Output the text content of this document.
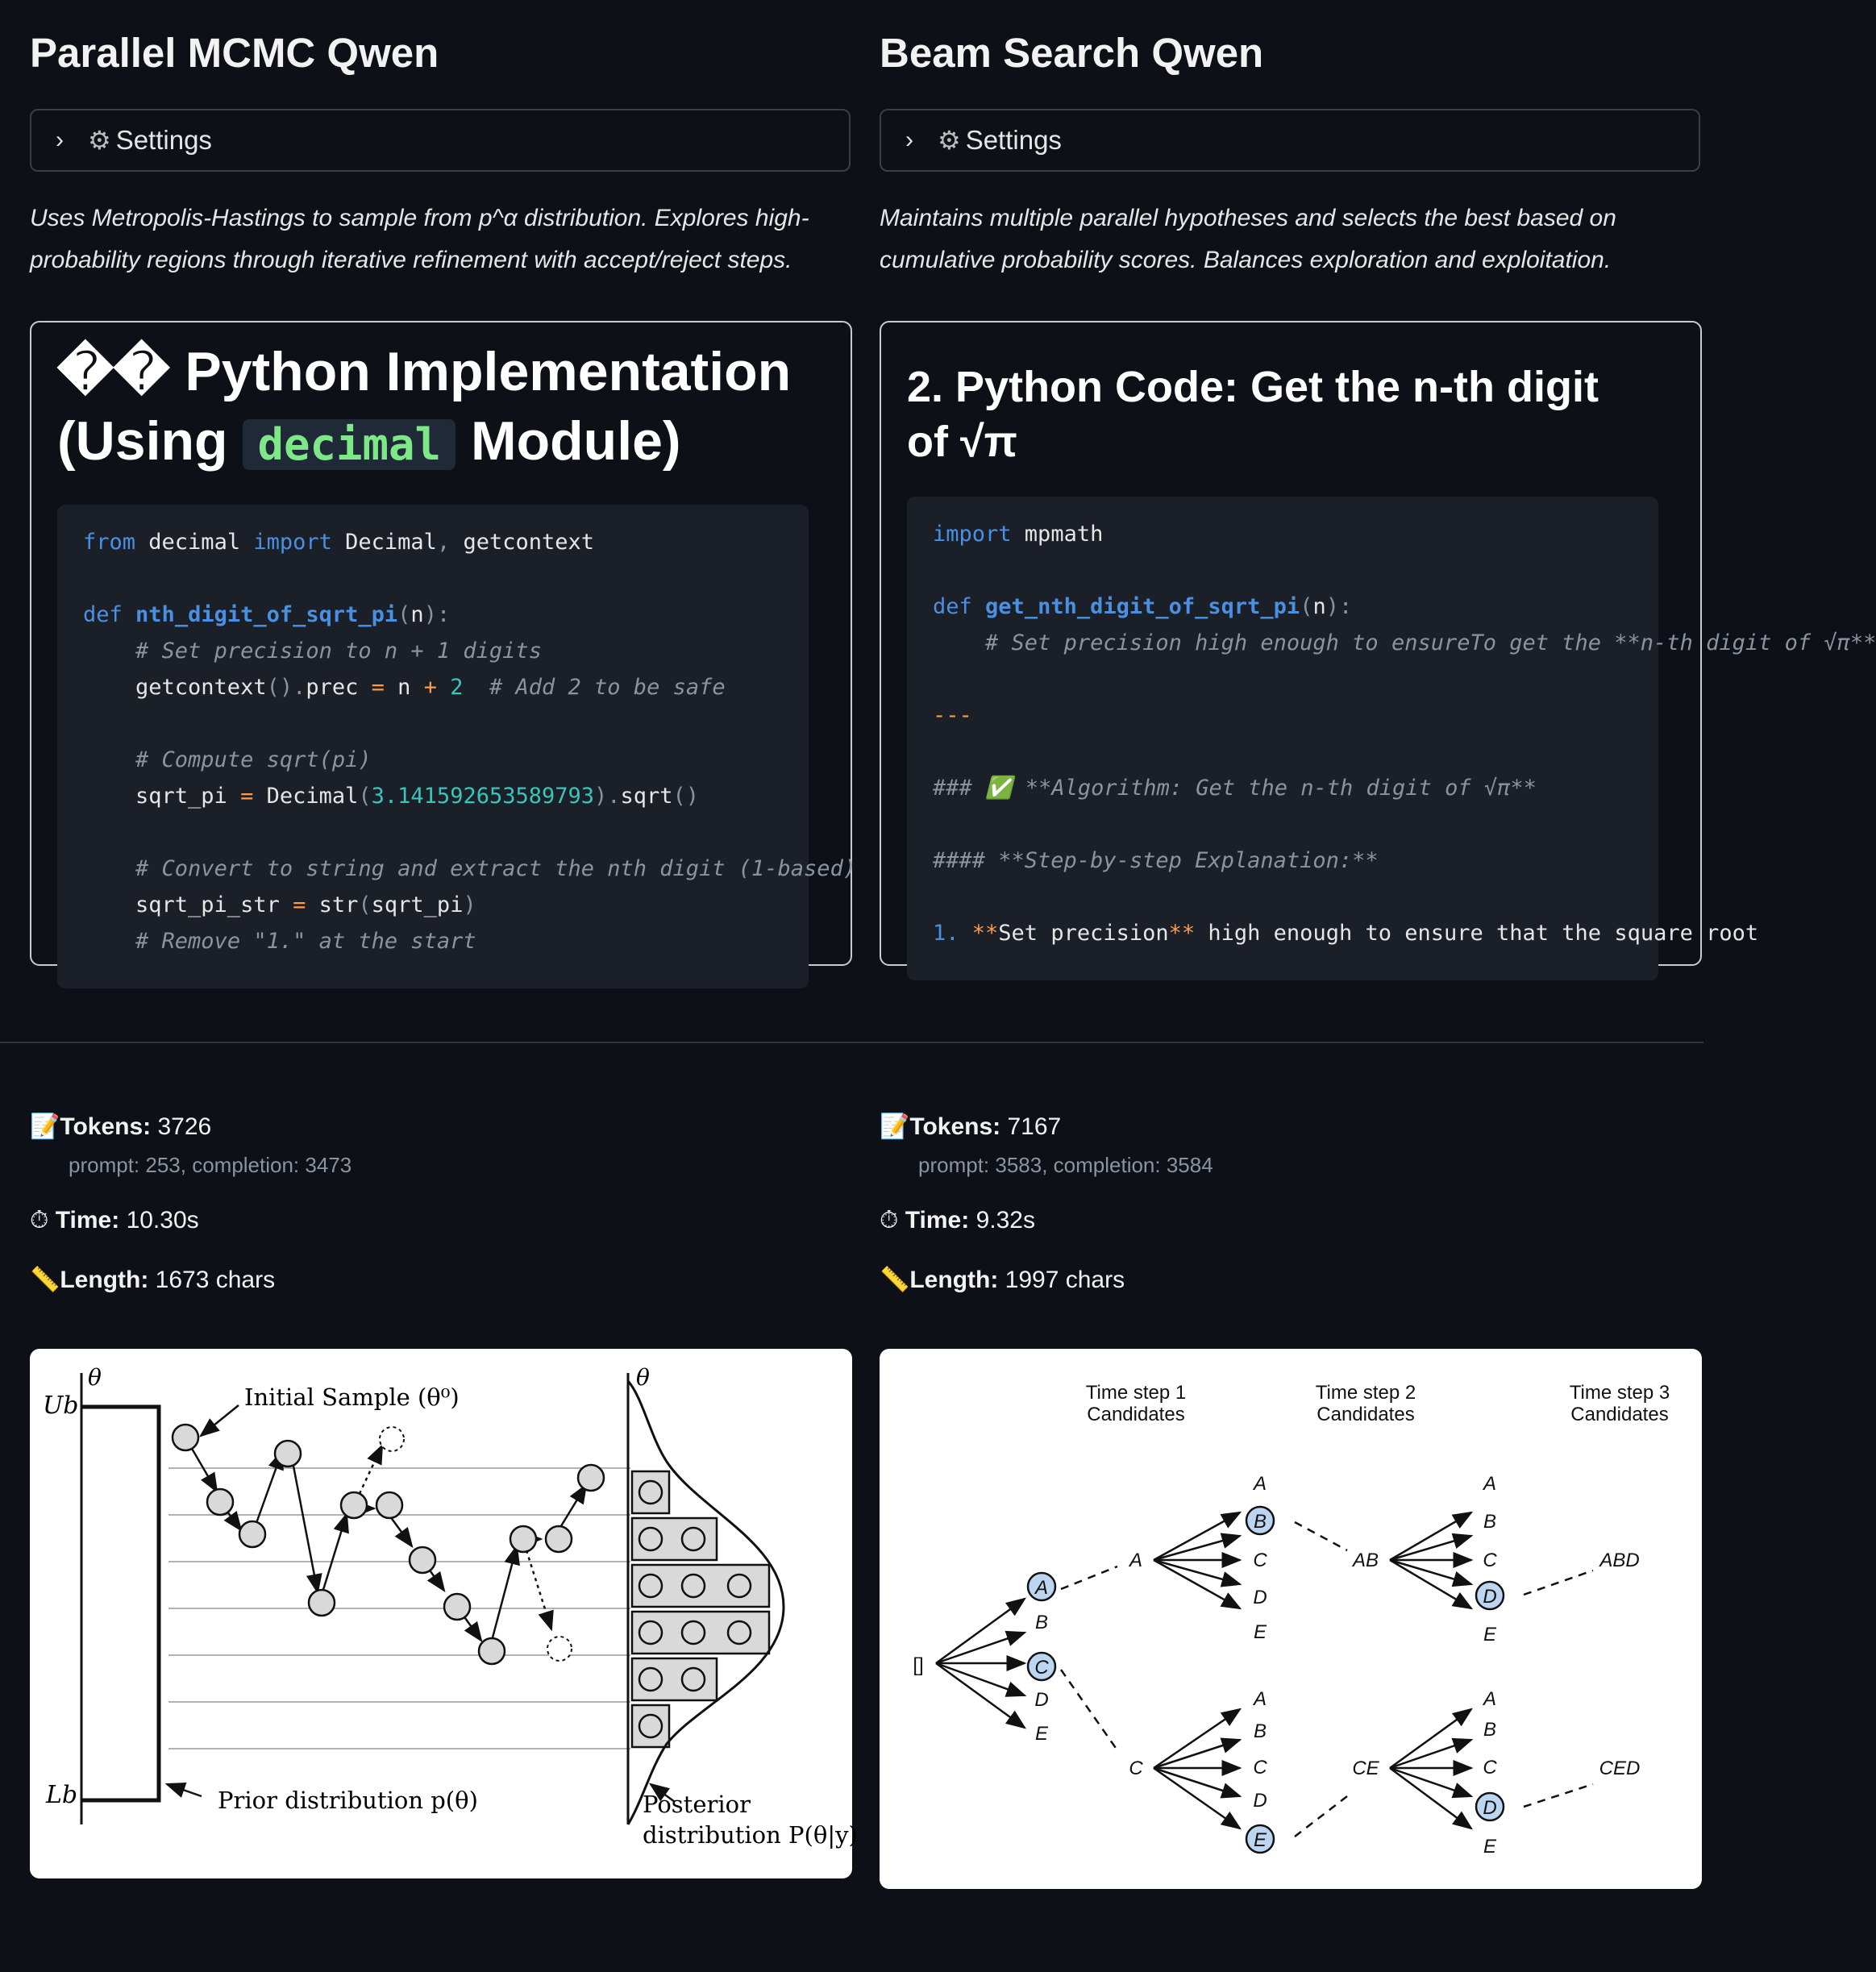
Parallel MCMC Qwen
› ⚙ Settings
Uses Metropolis-Hastings to sample from p^α distribution. Explores high-probability regions through iterative refinement with accept/reject steps.
�� Python Implementation (Using decimal Module)
from decimal import Decimal, getcontext

def nth_digit_of_sqrt_pi(n):
# Set precision to n + 1 digits
getcontext().prec = n + 2 # Add 2 to be safe

# Compute sqrt(pi)
sqrt_pi = Decimal(3.141592653589793).sqrt()

# Convert to string and extract the nth digit (1-based)
sqrt_pi_str = str(sqrt_pi)
# Remove "1." at the start
Beam Search Qwen
› ⚙ Settings
Maintains multiple parallel hypotheses and selects the best based on cumulative probability scores. Balances exploration and exploitation.
2. Python Code: Get the n-th digit of √π
import mpmath

def get_nth_digit_of_sqrt_pi(n):
# Set precision high enough to ensureTo get the **n-th digit of √π**

---

### ✅ **Algorithm: Get the n-th digit of √π**

#### **Step-by-step Explanation:**

1. **Set precision** high enough to ensure that the square root
📝Tokens: 3726
prompt: 253, completion: 3473
⏱ Time: 10.30s
📏Length: 1673 chars
θ
Ub
Lb
θ
Initial Sample (θ⁰)
Prior distribution p(θ)	Posterior
distribution P(θ|y)
📝Tokens: 7167
prompt: 3583, completion: 3584
⏱ Time: 9.32s
📏Length: 1997 chars
Time step 1
Candidates
Time step 2
Candidates
Time step 3
Candidates
[]
A
B
C
D
E
A
C
A
B
C
D
E
A
B
C
D
E
AB
CE
A
B
C
D
E
A
B
C
D
E
ABD
CED
